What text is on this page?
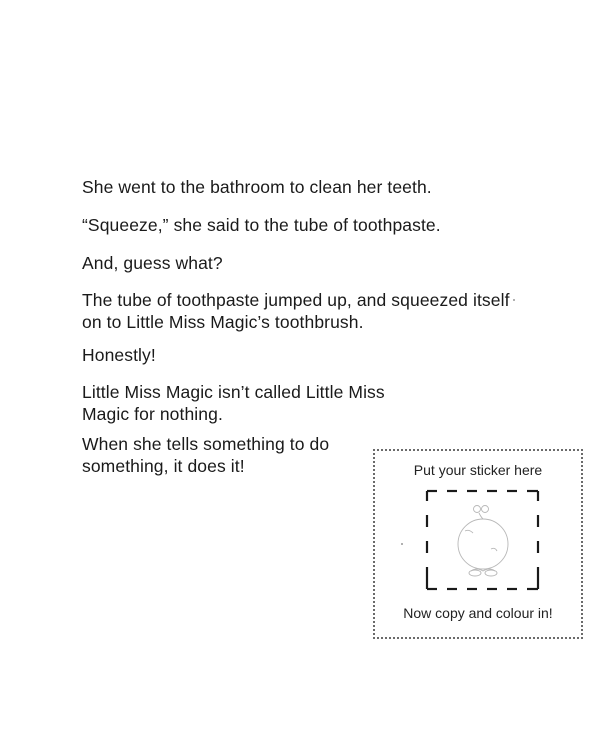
She went to the bathroom to clean her teeth.

“Squeeze,” she said to the tube of toothpaste.

And, guess what?

The tube of toothpaste jumped up, and squeezed itself on to Little Miss Magic’s toothbrush.

Honestly!

Little Miss Magic isn’t called Little Miss Magic for nothing.

When she tells something to do something, it does it!	Put your sticker here
Now copy and colour in!
